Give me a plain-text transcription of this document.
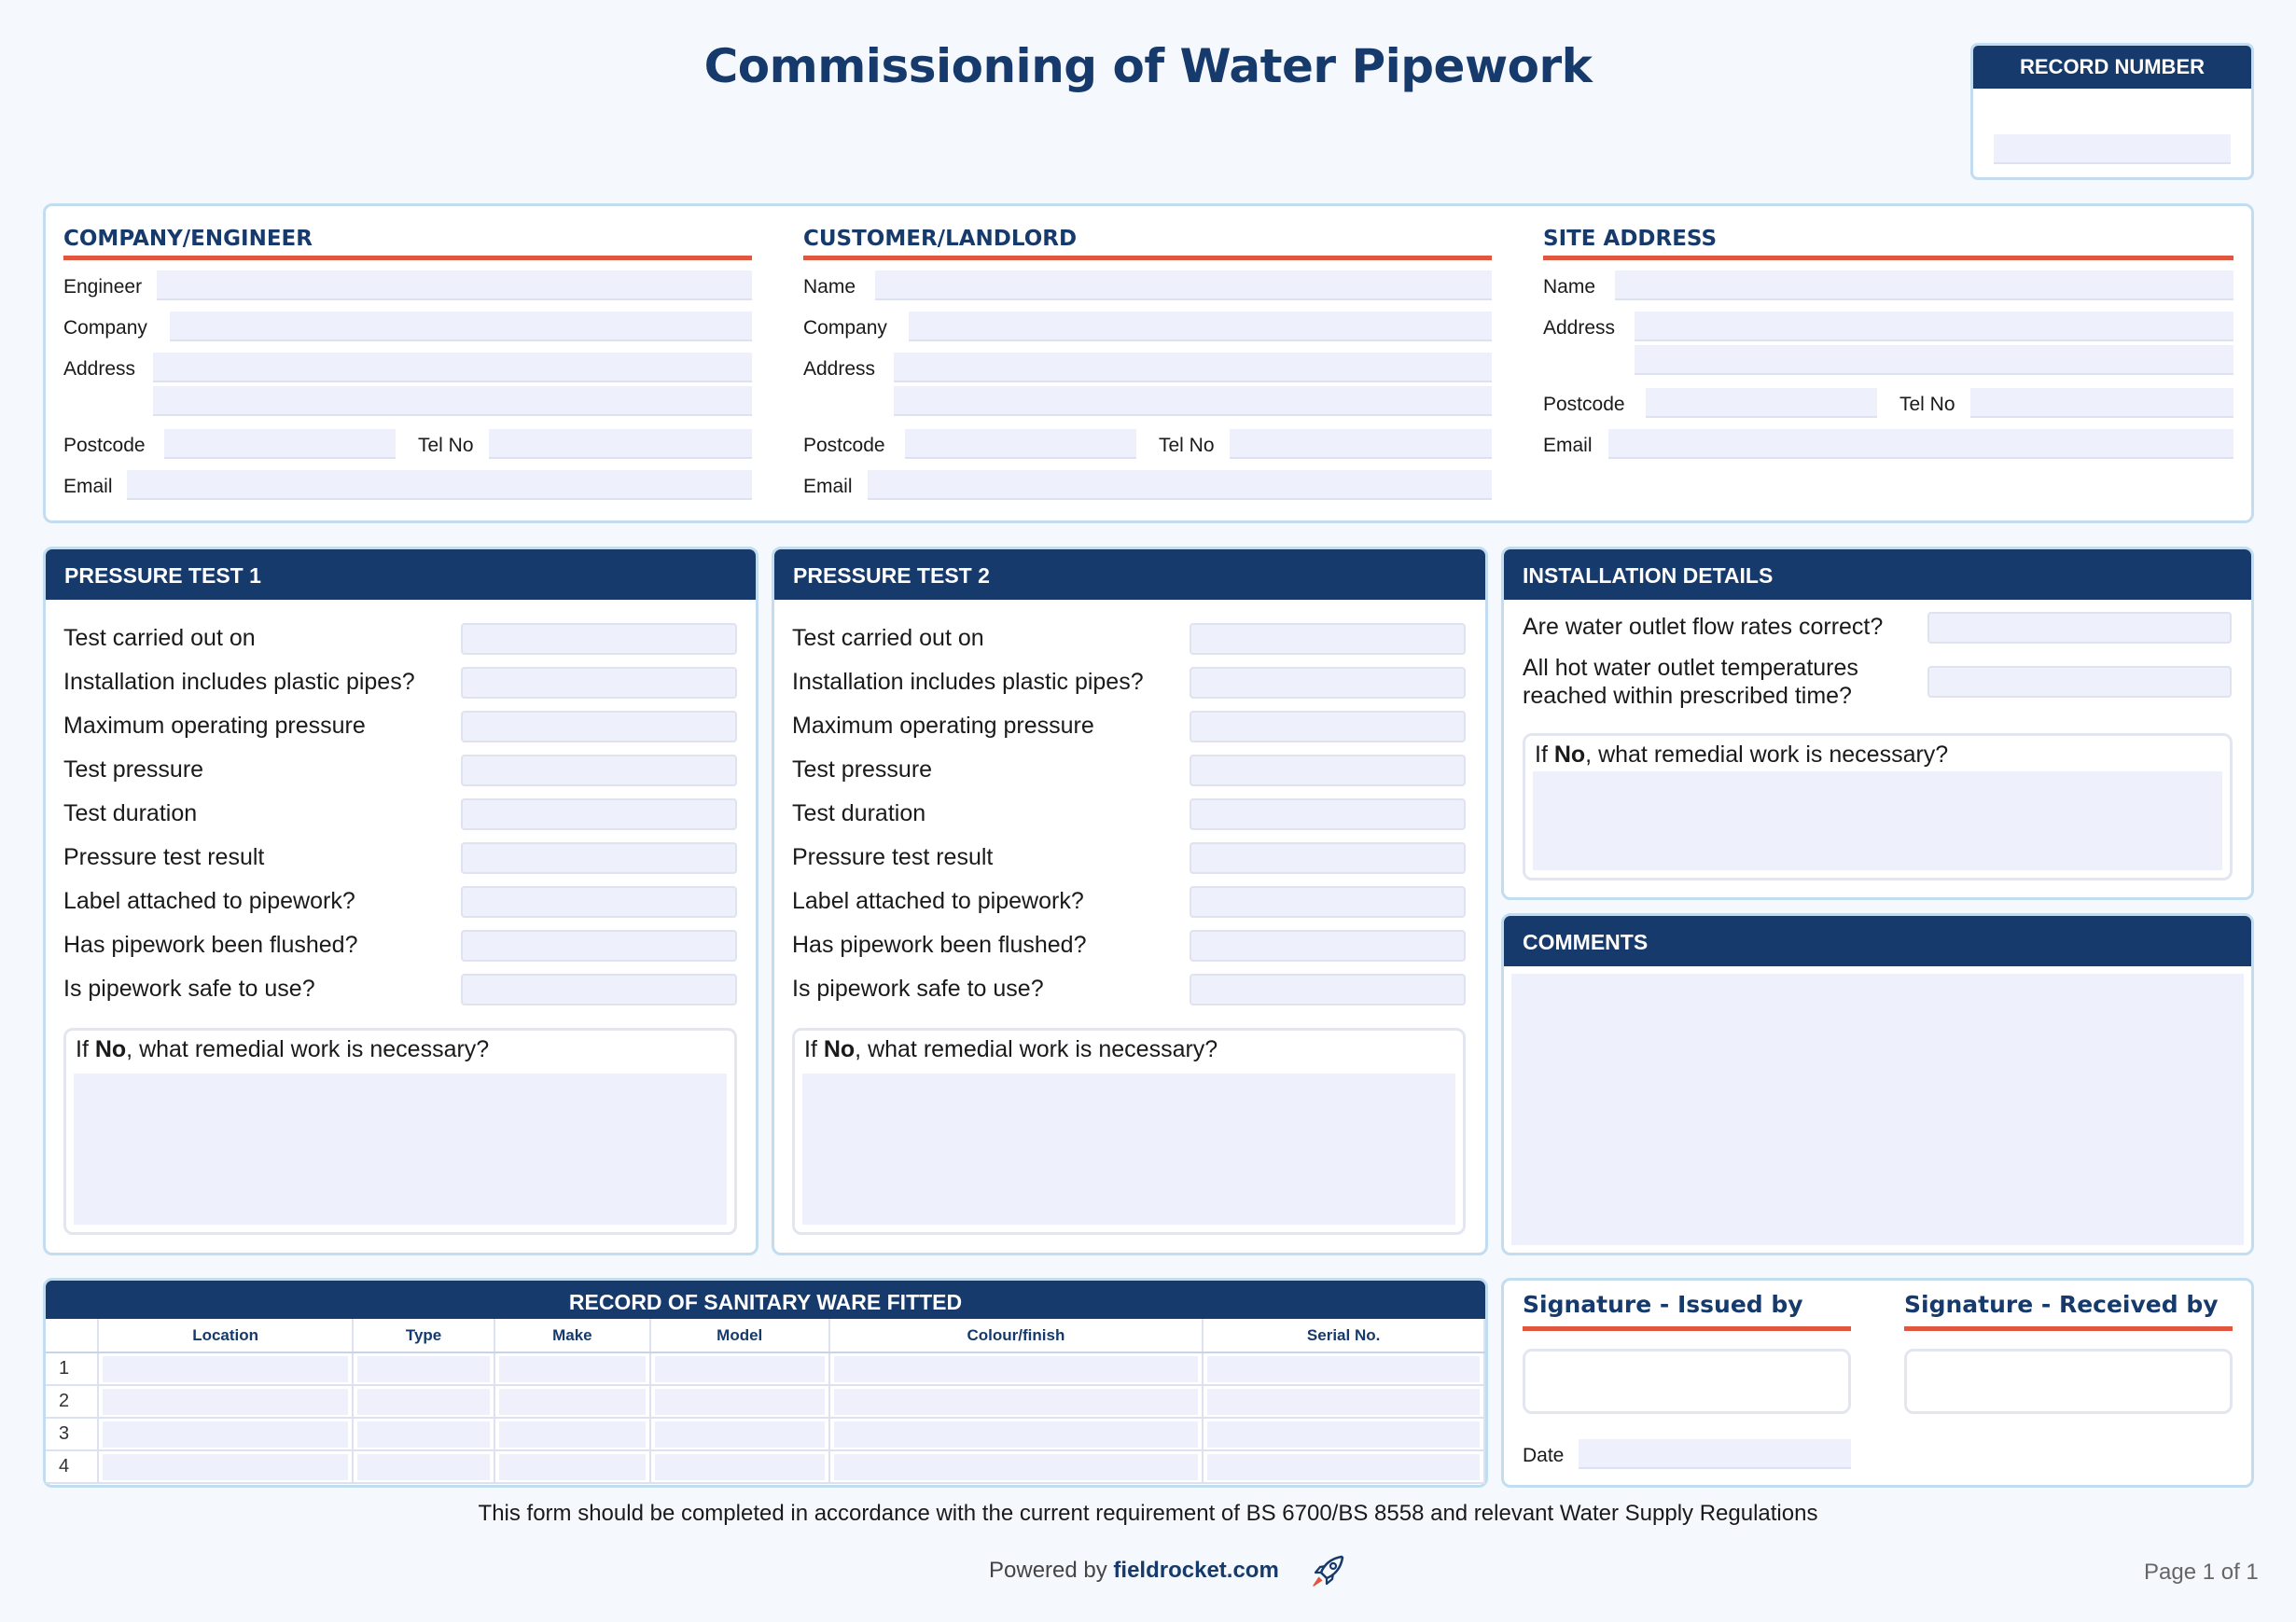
Commissioning of Water Pipework	RECORD NUMBER
COMPANY/ENGINEER
Engineer
Company
Address
Postcode	Tel No
Email
CUSTOMER/LANDLORD
Name
Company
Address
Postcode	Tel No
Email
SITE ADDRESS
Name
Address
Postcode	Tel No
Email
PRESSURE TEST 1
Test carried out on
Installation includes plastic pipes?
Maximum operating pressure
Test pressure
Test duration
Pressure test result
Label attached to pipework?
Has pipework been flushed?
Is pipework safe to use?
If No, what remedial work is necessary?
PRESSURE TEST 2
Test carried out on
Installation includes plastic pipes?
Maximum operating pressure
Test pressure
Test duration
Pressure test result
Label attached to pipework?
Has pipework been flushed?
Is pipework safe to use?
If No, what remedial work is necessary?
INSTALLATION DETAILS
Are water outlet flow rates correct?
All hot water outlet temperatures
reached within prescribed time?
If No, what remedial work is necessary?
COMMENTS
RECORD OF SANITARY WARE FITTED
	Location	Type	Make	Model	Colour/finish	Serial No.
1	

2	

3	

4	

Signature - Issued by	Signature - Received by
Date
This form should be completed in accordance with the current requirement of BS 6700/BS 8558 and relevant Water Supply Regulations
Powered by fieldrocket.com	Page 1 of 1
